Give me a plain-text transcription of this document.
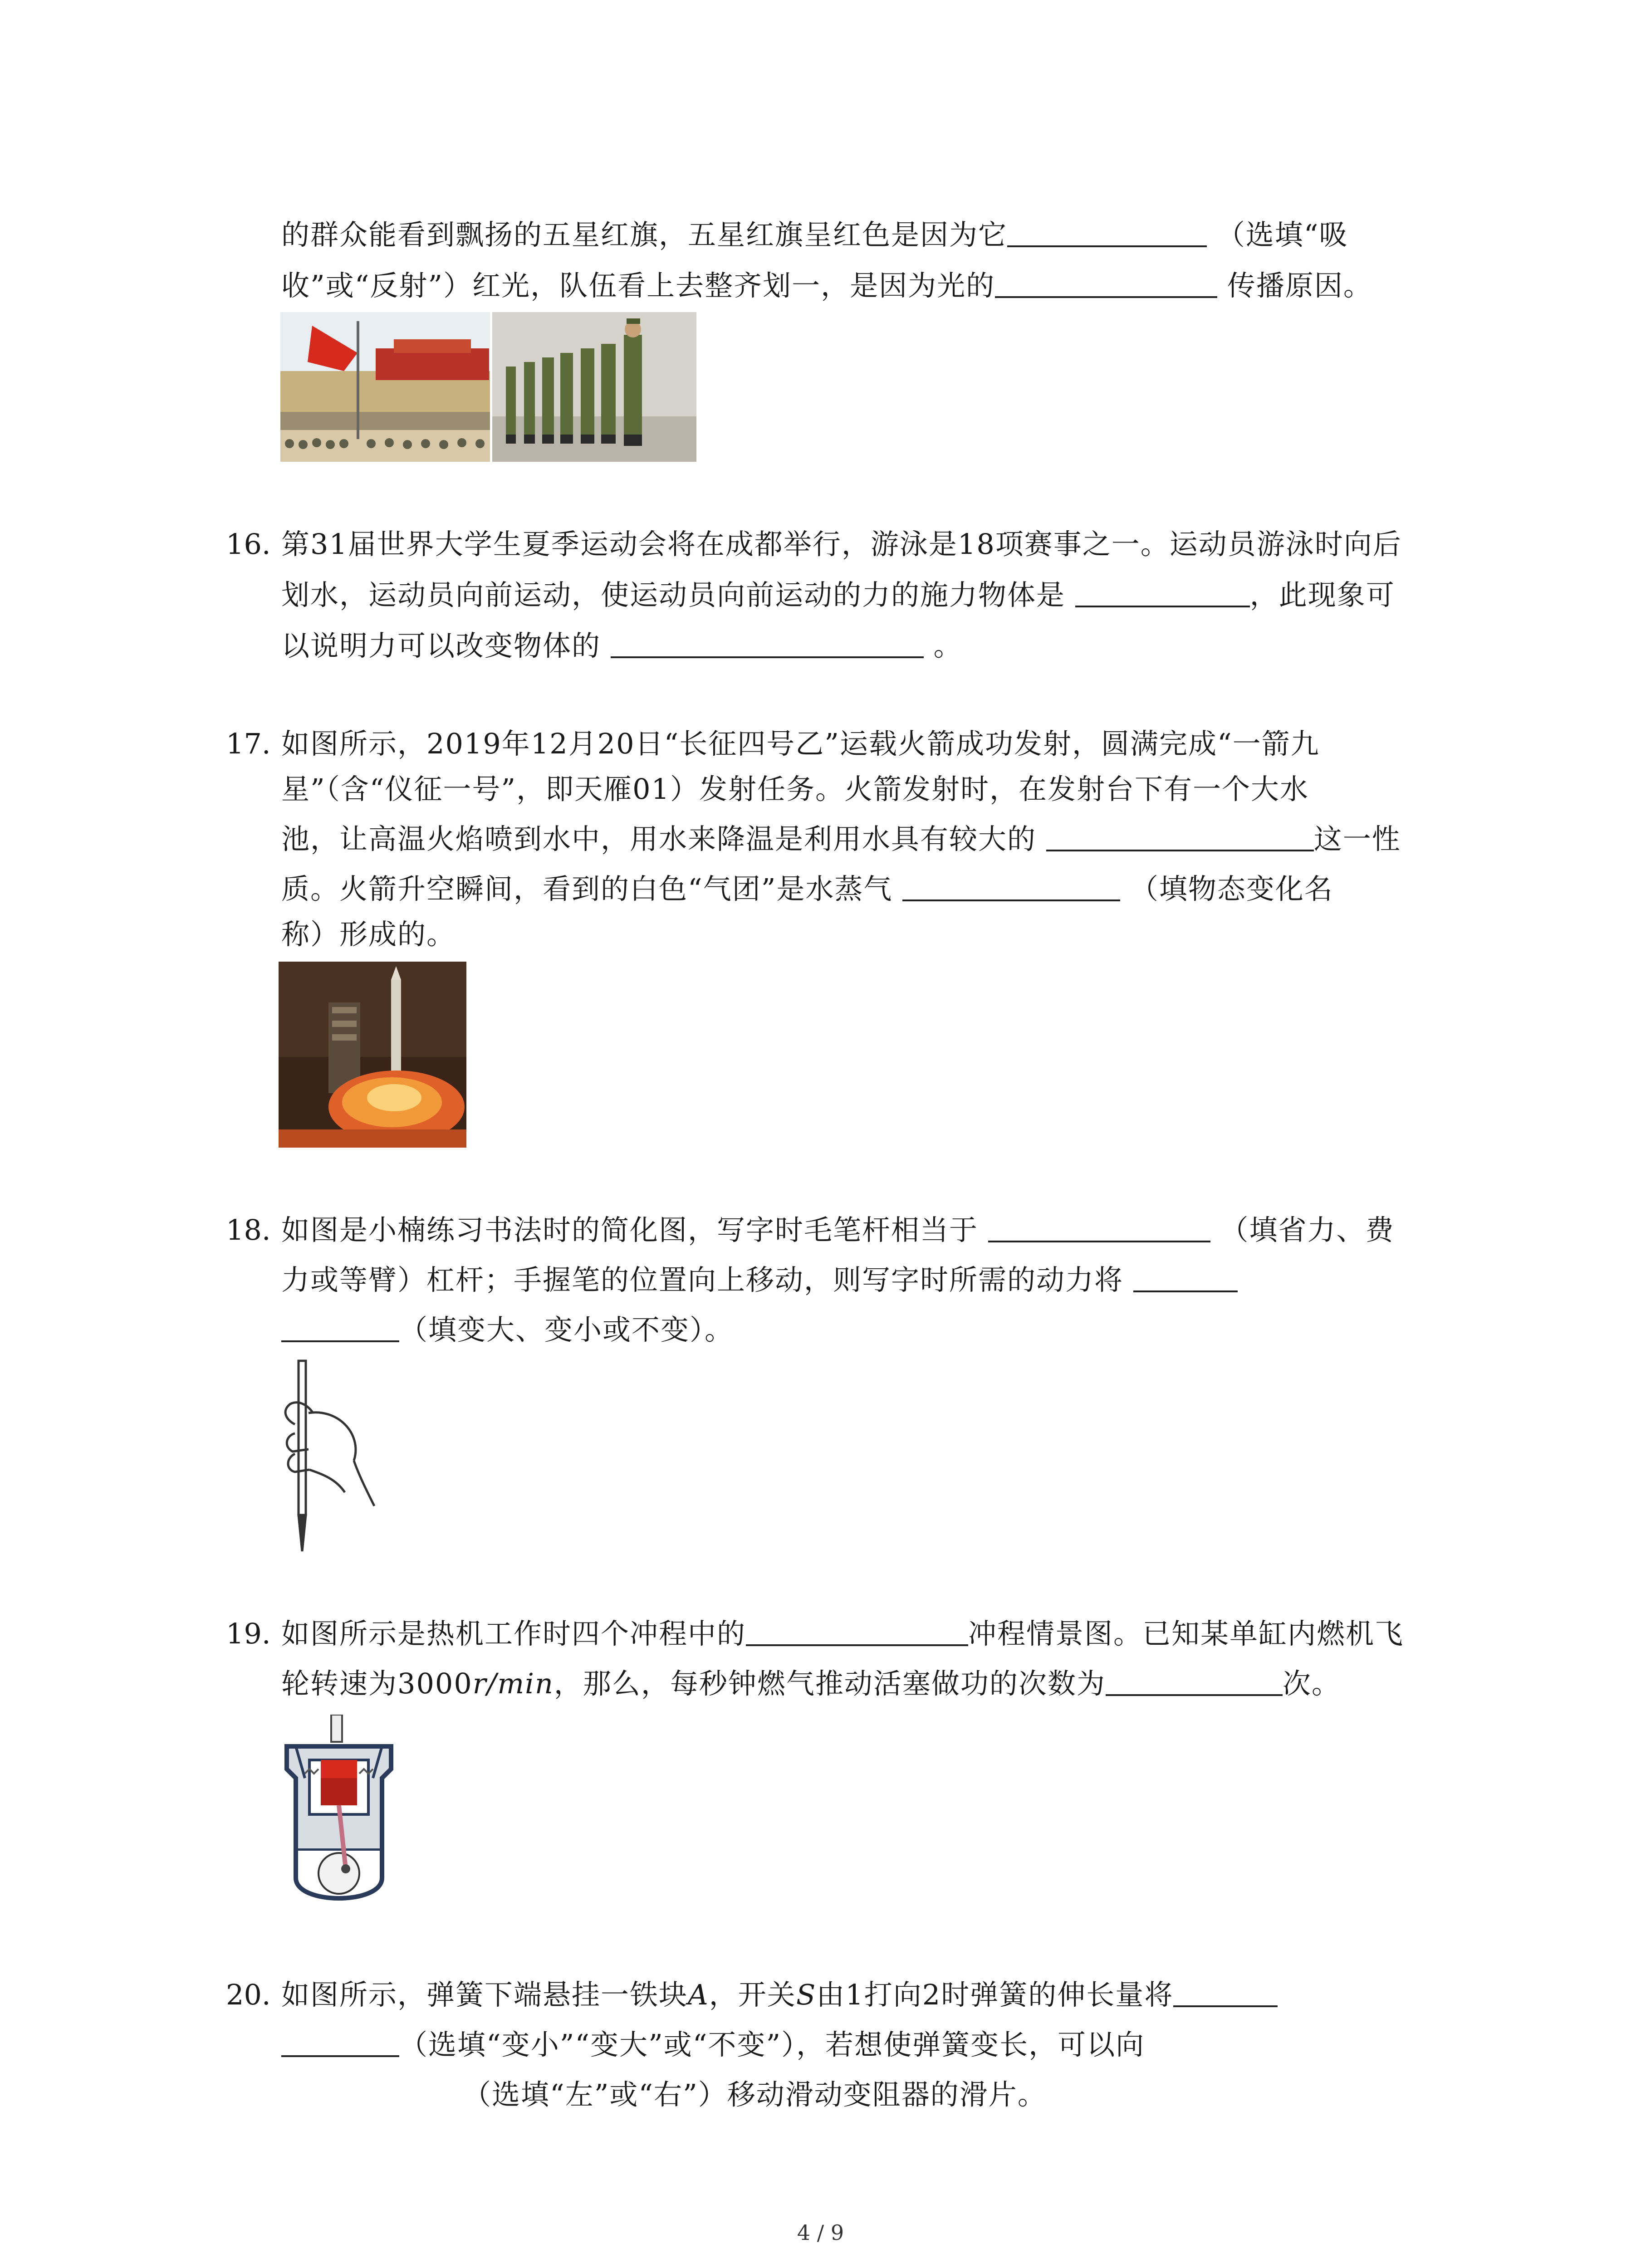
的群众能看到飘扬的五星红旗，五星红旗呈红色是因为它	（选填“吸
收”或“反射”）红光，队伍看上去整齐划一，是因为光的	传播原因。
16. 第31届世界大学生夏季运动会将在成都举行，游泳是18项赛事之一。运动员游泳时向后
划水，运动员向前运动，使运动员向前运动的力的施力物体是	，此现象可
以说明力可以改变物体的	。
17. 如图所示，2019年12月20日“长征四号乙”运载火箭成功发射，圆满完成“一箭九
星”（含“仪征一号”，即天雁01）发射任务。火箭发射时，在发射台下有一个大水
池，让高温火焰喷到水中，用水来降温是利用水具有较大的	这一性
质。火箭升空瞬间，看到的白色“气团”是水蒸气	（填物态变化名
称）形成的。
18. 如图是小楠练习书法时的简化图，写字时毛笔杆相当于	（填省力、费
力或等臂）杠杆；手握笔的位置向上移动，则写字时所需的动力将
（填变大、变小或不变）。
19. 如图所示是热机工作时四个冲程中的	冲程情景图。已知某单缸内燃机飞
轮转速为3000r/min，那么，每秒钟燃气推动活塞做功的次数为	次。
20. 如图所示，弹簧下端悬挂一铁块A，开关S由1打向2时弹簧的伸长量将
（选填“变小”“变大”或“不变”），若想使弹簧变长，可以向
（选填“左”或“右”）移动滑动变阻器的滑片。
4 / 9
